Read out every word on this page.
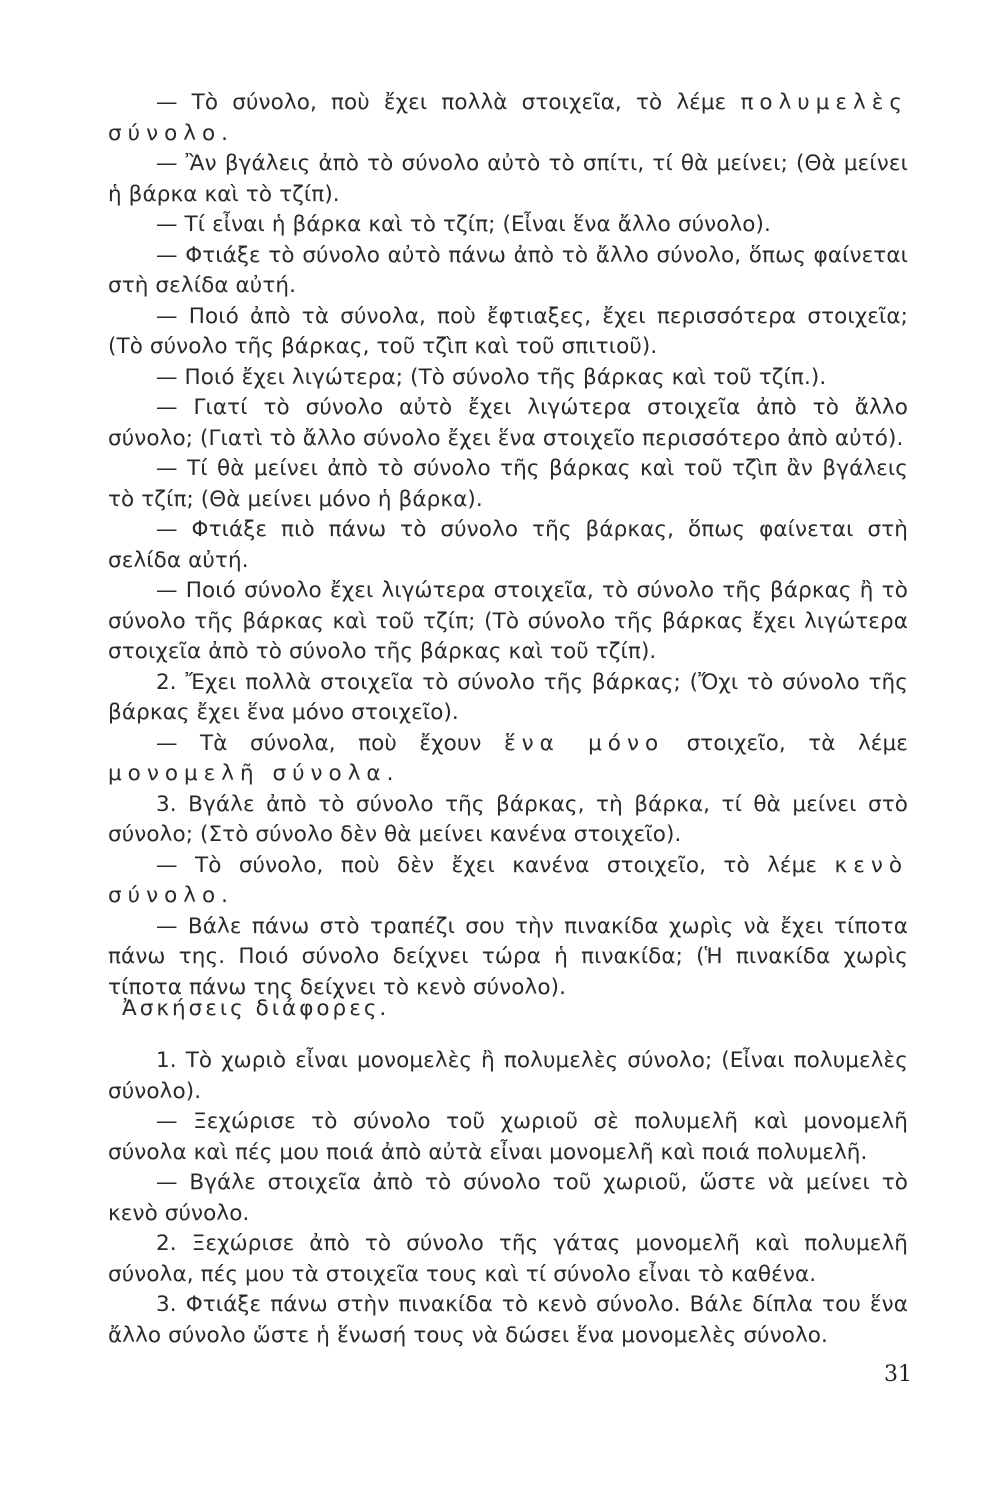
— Τὸ σύνολο, ποὺ ἔχει πολλὰ στοιχεῖα, τὸ λέμε πολυμελὲς σύνολο.

— Ἂν βγάλεις ἀπὸ τὸ σύνολο αὐτὸ τὸ σπίτι, τί θὰ μείνει; (Θὰ μείνει ἡ βάρκα καὶ τὸ τζίπ).

— Τί εἶναι ἡ βάρκα καὶ τὸ τζίπ; (Εἶναι ἕνα ἄλλο σύνολο).

— Φτιάξε τὸ σύνολο αὐτὸ πάνω ἀπὸ τὸ ἄλλο σύνολο, ὅπως φαίνεται στὴ σελίδα αὐτή.

— Ποιό ἀπὸ τὰ σύνολα, ποὺ ἔφτιαξες, ἔχει περισσότερα στοιχεῖα; (Τὸ σύνολο τῆς βάρκας, τοῦ τζὶπ καὶ τοῦ σπιτιοῦ).

— Ποιό ἔχει λιγώτερα; (Τὸ σύνολο τῆς βάρκας καὶ τοῦ τζίπ.).

— Γιατί τὸ σύνολο αὐτὸ ἔχει λιγώτερα στοιχεῖα ἀπὸ τὸ ἄλλο σύνολο; (Γιατὶ τὸ ἄλλο σύνολο ἔχει ἕνα στοιχεῖο περισσότερο ἀπὸ αὐτό).

— Τί θὰ μείνει ἀπὸ τὸ σύνολο τῆς βάρκας καὶ τοῦ τζὶπ ἂν βγάλεις τὸ τζίπ; (Θὰ μείνει μόνο ἡ βάρκα).

— Φτιάξε πιὸ πάνω τὸ σύνολο τῆς βάρκας, ὅπως φαίνεται στὴ σελίδα αὐτή.

— Ποιό σύνολο ἔχει λιγώτερα στοιχεῖα, τὸ σύνολο τῆς βάρκας ἢ τὸ σύνολο τῆς βάρκας καὶ τοῦ τζίπ; (Τὸ σύνολο τῆς βάρκας ἔχει λιγώτερα στοιχεῖα ἀπὸ τὸ σύνολο τῆς βάρκας καὶ τοῦ τζίπ).

2. Ἔχει πολλὰ στοιχεῖα τὸ σύνολο τῆς βάρκας; (Ὄχι τὸ σύνολο τῆς βάρκας ἔχει ἕνα μόνο στοιχεῖο).

— Τὰ σύνολα, ποὺ ἔχουν ἕνα μόνο στοιχεῖο, τὰ λέμε μονομελῆ σύνολα.

3. Βγάλε ἀπὸ τὸ σύνολο τῆς βάρκας, τὴ βάρκα, τί θὰ μείνει στὸ σύνολο; (Στὸ σύνολο δὲν θὰ μείνει κανένα στοιχεῖο).

— Τὸ σύνολο, ποὺ δὲν ἔχει κανένα στοιχεῖο, τὸ λέμε κενὸ σύνολο.

— Βάλε πάνω στὸ τραπέζι σου τὴν πινακίδα χωρὶς νὰ ἔχει τίποτα πάνω της. Ποιό σύνολο δείχνει τώρα ἡ πινακίδα; (Ἡ πινακίδα χωρὶς τίποτα πάνω της δείχνει τὸ κενὸ σύνολο).

Ἀσκήσεις διάφορες.

1. Τὸ χωριὸ εἶναι μονομελὲς ἢ πολυμελὲς σύνολο; (Εἶναι πολυμελὲς σύνολο).

— Ξεχώρισε τὸ σύνολο τοῦ χωριοῦ σὲ πολυμελῆ καὶ μονομελῆ σύνολα καὶ πές μου ποιά ἀπὸ αὐτὰ εἶναι μονομελῆ καὶ ποιά πολυμελῆ.

— Βγάλε στοιχεῖα ἀπὸ τὸ σύνολο τοῦ χωριοῦ, ὥστε νὰ μείνει τὸ κενὸ σύνολο.

2. Ξεχώρισε ἀπὸ τὸ σύνολο τῆς γάτας μονομελῆ καὶ πολυμελῆ σύνολα, πές μου τὰ στοιχεῖα τους καὶ τί σύνολο εἶναι τὸ καθένα.

3. Φτιάξε πάνω στὴν πινακίδα τὸ κενὸ σύνολο. Βάλε δίπλα του ἕνα ἄλλο σύνολο ὥστε ἡ ἕνωσή τους νὰ δώσει ἕνα μονομελὲς σύνολο.

31
